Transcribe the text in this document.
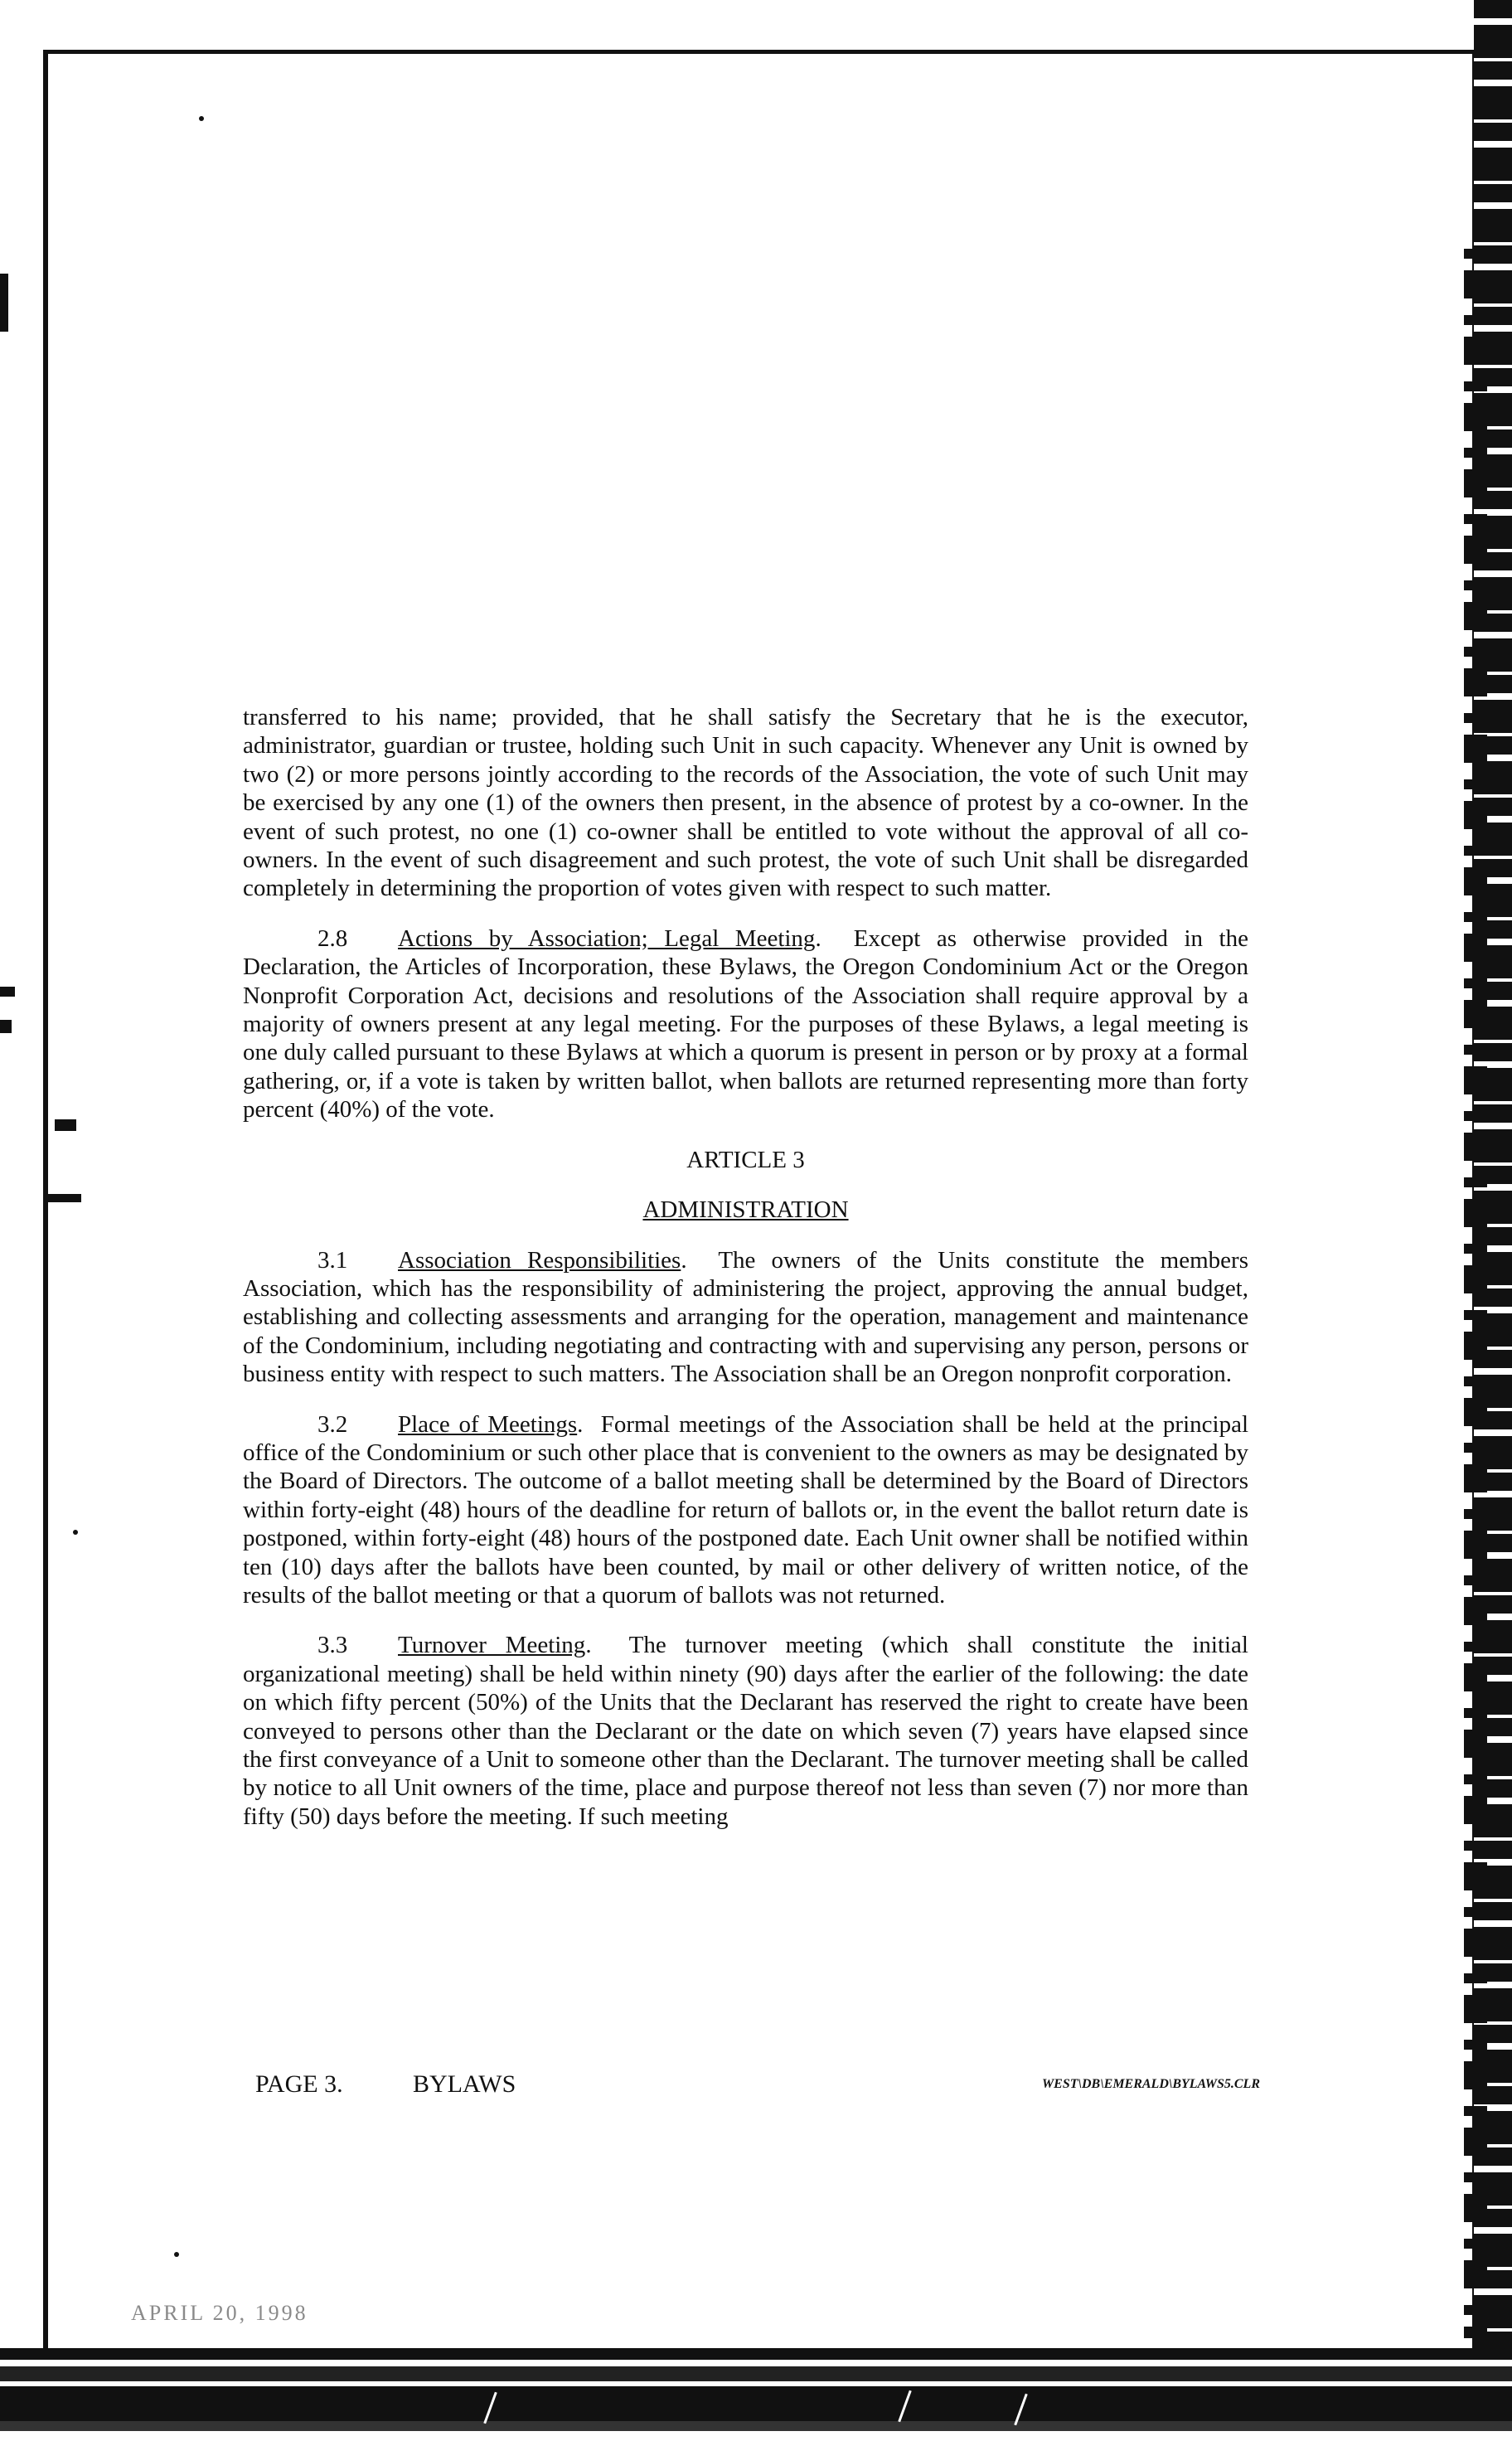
transferred to his name; provided, that he shall satisfy the Secretary that he is the executor, administrator, guardian or trustee, holding such Unit in such capacity. Whenever any Unit is owned by two (2) or more persons jointly according to the records of the Association, the vote of such Unit may be exercised by any one (1) of the owners then present, in the absence of protest by a co-owner. In the event of such protest, no one (1) co-owner shall be entitled to vote without the approval of all co-owners. In the event of such disagreement and such protest, the vote of such Unit shall be disregarded completely in determining the proportion of votes given with respect to such matter.

2.8 Actions by Association; Legal Meeting.  Except as otherwise provided in the Declaration, the Articles of Incorporation, these Bylaws, the Oregon Condominium Act or the Oregon Nonprofit Corporation Act, decisions and resolutions of the Association shall require approval by a majority of owners present at any legal meeting. For the purposes of these Bylaws, a legal meeting is one duly called pursuant to these Bylaws at which a quorum is present in person or by proxy at a formal gathering, or, if a vote is taken by written ballot, when ballots are returned representing more than forty percent (40%) of the vote.

ARTICLE 3

ADMINISTRATION

3.1 Association Responsibilities.  The owners of the Units constitute the members Association, which has the responsibility of administering the project, approving the annual budget, establishing and collecting assessments and arranging for the operation, management and maintenance of the Condominium, including negotiating and contracting with and supervising any person, persons or business entity with respect to such matters. The Association shall be an Oregon nonprofit corporation.

3.2 Place of Meetings.  Formal meetings of the Association shall be held at the principal office of the Condominium or such other place that is convenient to the owners as may be designated by the Board of Directors. The outcome of a ballot meeting shall be determined by the Board of Directors within forty-eight (48) hours of the deadline for return of ballots or, in the event the ballot return date is postponed, within forty-eight (48) hours of the postponed date. Each Unit owner shall be notified within ten (10) days after the ballots have been counted, by mail or other delivery of written notice, of the results of the ballot meeting or that a quorum of ballots was not returned.

3.3 Turnover Meeting.  The turnover meeting (which shall constitute the initial organizational meeting) shall be held within ninety (90) days after the earlier of the following: the date on which fifty percent (50%) of the Units that the Declarant has reserved the right to create have been conveyed to persons other than the Declarant or the date on which seven (7) years have elapsed since the first conveyance of a Unit to someone other than the Declarant. The turnover meeting shall be called by notice to all Unit owners of the time, place and purpose thereof not less than seven (7) nor more than fifty (50) days before the meeting. If such meeting

PAGE 3.	BYLAWS	WEST\DB\EMERALD\BYLAWS5.CLR
APRIL 20, 1998
